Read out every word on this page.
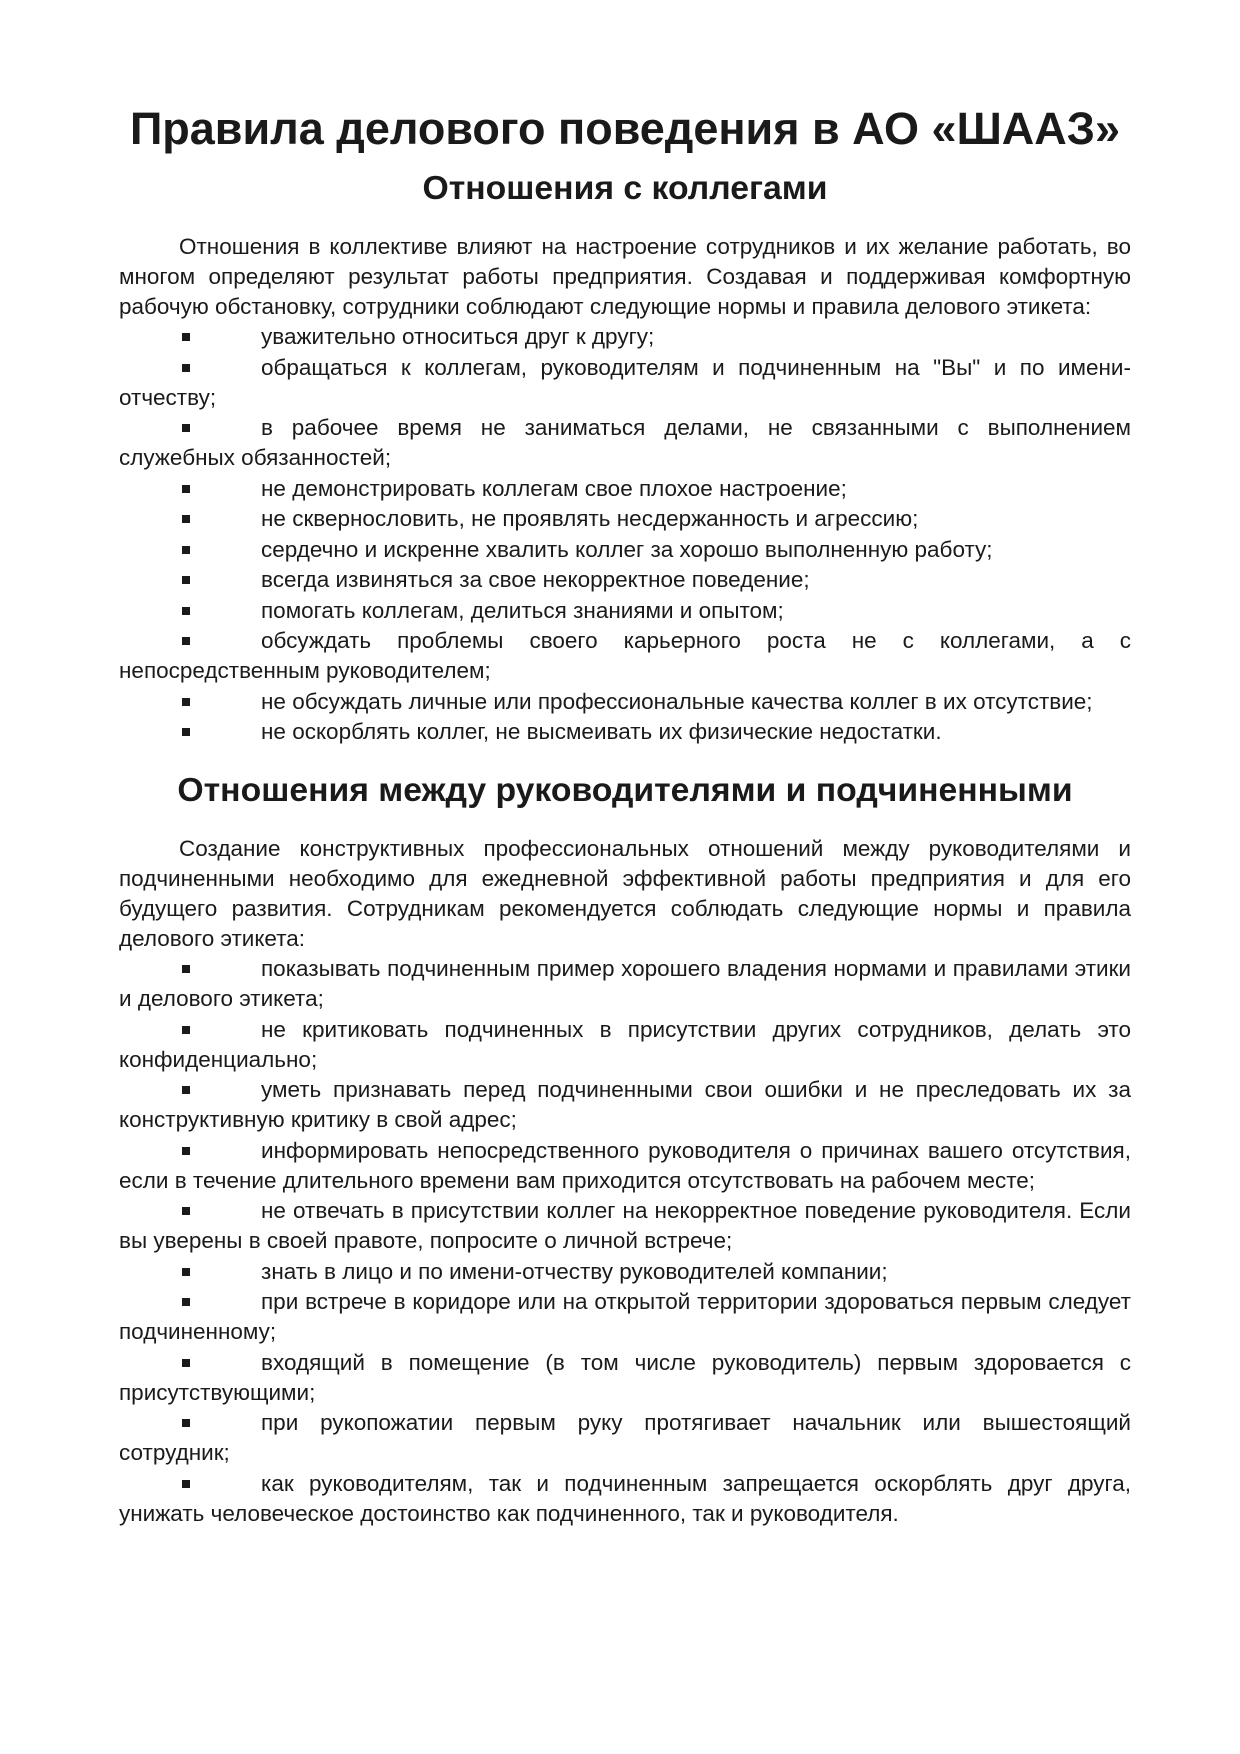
Правила делового поведения в АО «ШААЗ»
Отношения с коллегами

Отношения в коллективе влияют на настроение сотрудников и их желание работать, во многом определяют результат работы предприятия. Создавая и поддерживая комфортную рабочую обстановку, сотрудники соблюдают следующие нормы и правила делового этикета:

уважительно относиться друг к другу;
обращаться к коллегам, руководителям и подчиненным на "Вы" и по имени-отчеству;
в рабочее время не заниматься делами, не связанными с выполнением служебных обязанностей;
не демонстрировать коллегам свое плохое настроение;
не сквернословить, не проявлять несдержанность и агрессию;
сердечно и искренне хвалить коллег за хорошо выполненную работу;
всегда извиняться за свое некорректное поведение;
помогать коллегам, делиться знаниями и опытом;
обсуждать проблемы своего карьерного роста не с коллегами, а с непосредственным руководителем;
не обсуждать личные или профессиональные качества коллег в их отсутствие;
не оскорблять коллег, не высмеивать их физические недостатки.
Отношения между руководителями и подчиненными

Создание конструктивных профессиональных отношений между руководителями и подчиненными необходимо для ежедневной эффективной работы предприятия и для его будущего развития. Сотрудникам рекомендуется соблюдать следующие нормы и правила делового этикета:

показывать подчиненным пример хорошего владения нормами и правилами этики и делового этикета;
не критиковать подчиненных в присутствии других сотрудников, делать это конфиденциально;
уметь признавать перед подчиненными свои ошибки и не преследовать их за конструктивную критику в свой адрес;
информировать непосредственного руководителя о причинах вашего отсутствия, если в течение длительного времени вам приходится отсутствовать на рабочем месте;
не отвечать в присутствии коллег на некорректное поведение руководителя. Если вы уверены в своей правоте, попросите о личной встрече;
знать в лицо и по имени-отчеству руководителей компании;
при встрече в коридоре или на открытой территории здороваться первым следует подчиненному;
входящий в помещение (в том числе руководитель) первым здоровается с присутствующими;
при рукопожатии первым руку протягивает начальник или вышестоящий сотрудник;
как руководителям, так и подчиненным запрещается оскорблять друг друга, унижать человеческое достоинство как подчиненного, так и руководителя.
